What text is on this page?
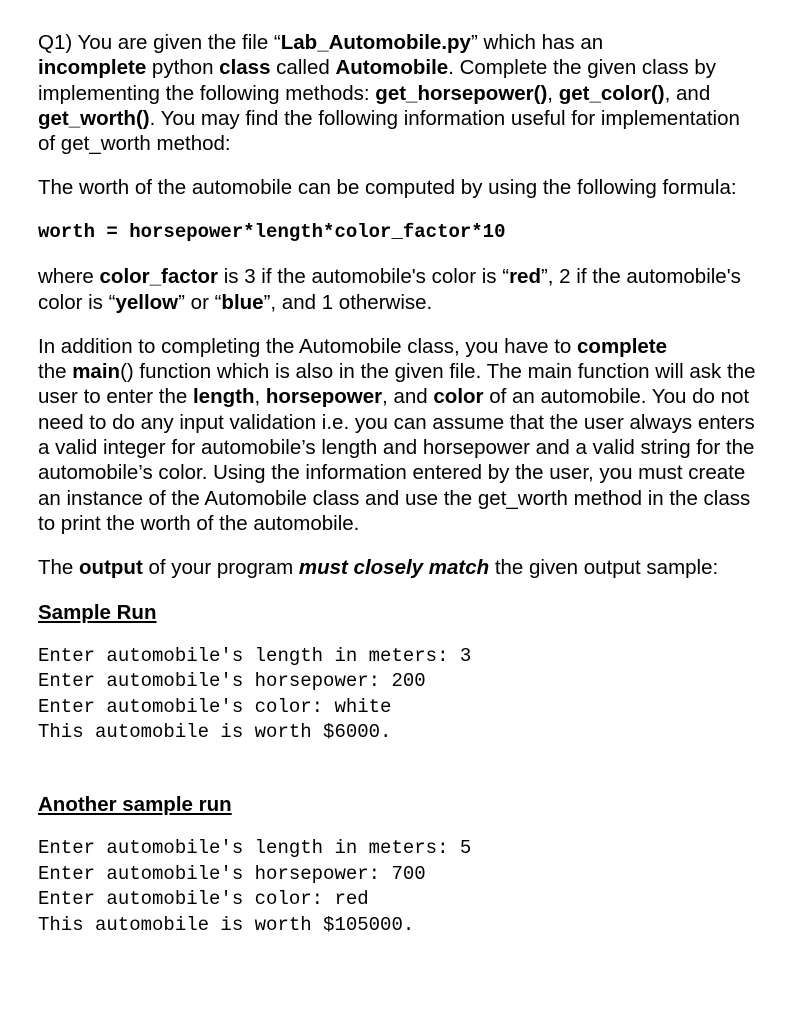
Q1) You are given the file “Lab_Automobile.py” which has an
incomplete python class called Automobile. Complete the given class by implementing the following methods: get_horsepower(), get_color(), and get_worth(). You may find the following information useful for implementation of get_worth method:

The worth of the automobile can be computed by using the following formula:

worth = horsepower*length*color_factor*10

where color_factor is 3 if the automobile's color is “red”, 2 if the automobile's color is “yellow” or “blue”, and 1 otherwise.

In addition to completing the Automobile class, you have to complete
the main() function which is also in the given file. The main function will ask the user to enter the length, horsepower, and color of an automobile. You do not need to do any input validation i.e. you can assume that the user always enters a valid integer for automobile’s length and horsepower and a valid string for the automobile’s color. Using the information entered by the user, you must create an instance of the Automobile class and use the get_worth method in the class to print the worth of the automobile.

The output of your program must closely match the given output sample:

Sample Run

Enter automobile's length in meters: 3
Enter automobile's horsepower: 200
Enter automobile's color: white
This automobile is worth $6000.

Another sample run

Enter automobile's length in meters: 5
Enter automobile's horsepower: 700
Enter automobile's color: red
This automobile is worth $105000.
